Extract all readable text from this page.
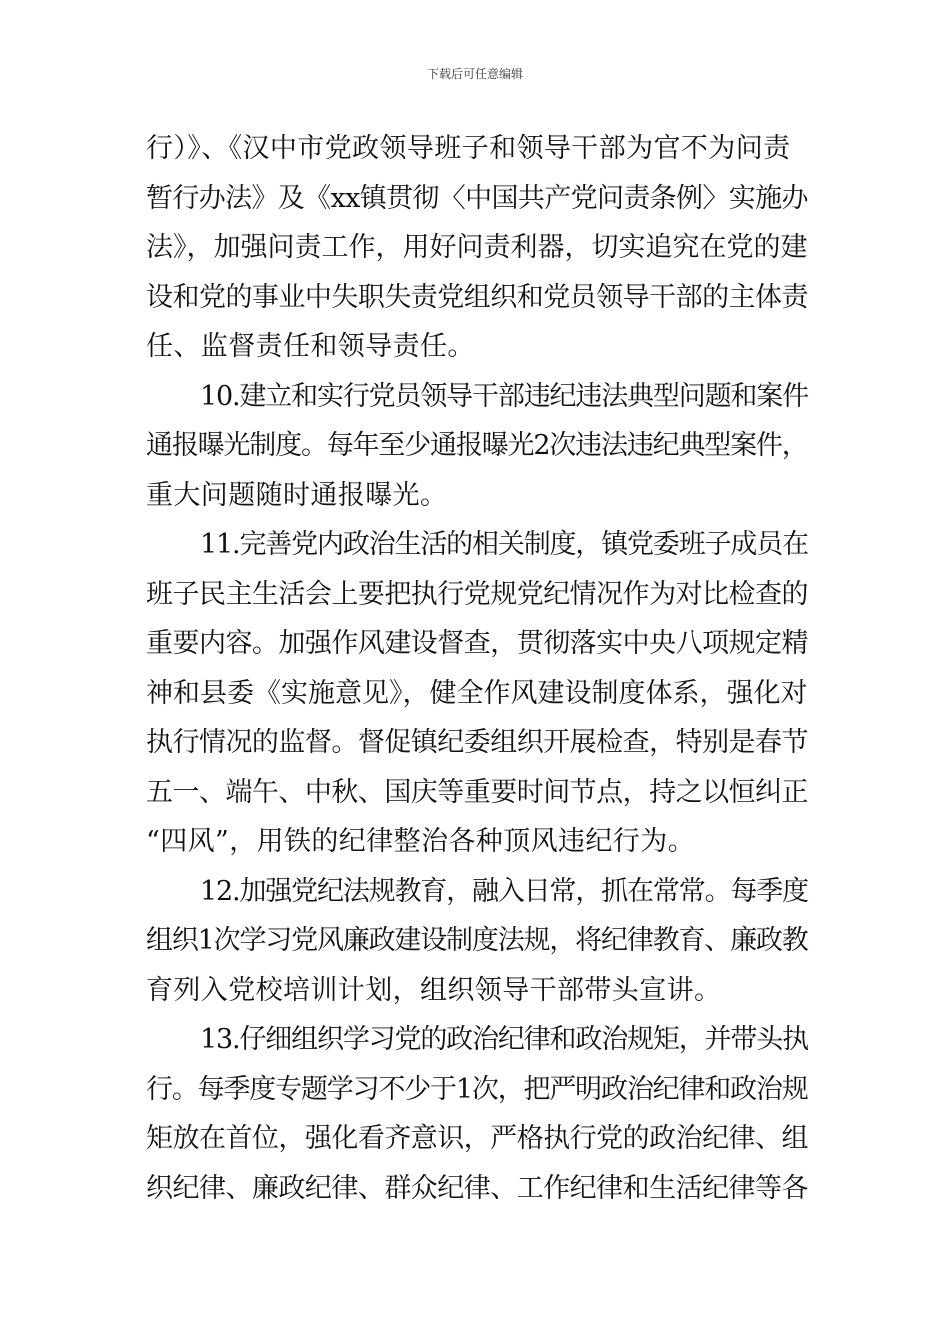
下载后可任意编辑
行）》、《汉中市党政领导班子和领导干部为官不为问责
暂行办法》及《xx镇贯彻〈中国共产党问责条例〉实施办
法》，加强问责工作，用好问责利器，切实追究在党的建
设和党的事业中失职失责党组织和党员领导干部的主体责
任、监督责任和领导责任。
10.建立和实行党员领导干部违纪违法典型问题和案件
通报曝光制度。每年至少通报曝光2次违法违纪典型案件，
重大问题随时通报曝光。
11.完善党内政治生活的相关制度，镇党委班子成员在
班子民主生活会上要把执行党规党纪情况作为对比检查的
重要内容。加强作风建设督查，贯彻落实中央八项规定精
神和县委《实施意见》，健全作风建设制度体系，强化对
执行情况的监督。督促镇纪委组织开展检查，特别是春节
五一、端午、中秋、国庆等重要时间节点，持之以恒纠正
“四风”，用铁的纪律整治各种顶风违纪行为。
12.加强党纪法规教育，融入日常，抓在常常。每季度
组织1次学习党风廉政建设制度法规，将纪律教育、廉政教
育列入党校培训计划，组织领导干部带头宣讲。
13.仔细组织学习党的政治纪律和政治规矩，并带头执
行。每季度专题学习不少于1次，把严明政治纪律和政治规
矩放在首位，强化看齐意识，严格执行党的政治纪律、组
织纪律、廉政纪律、群众纪律、工作纪律和生活纪律等各
